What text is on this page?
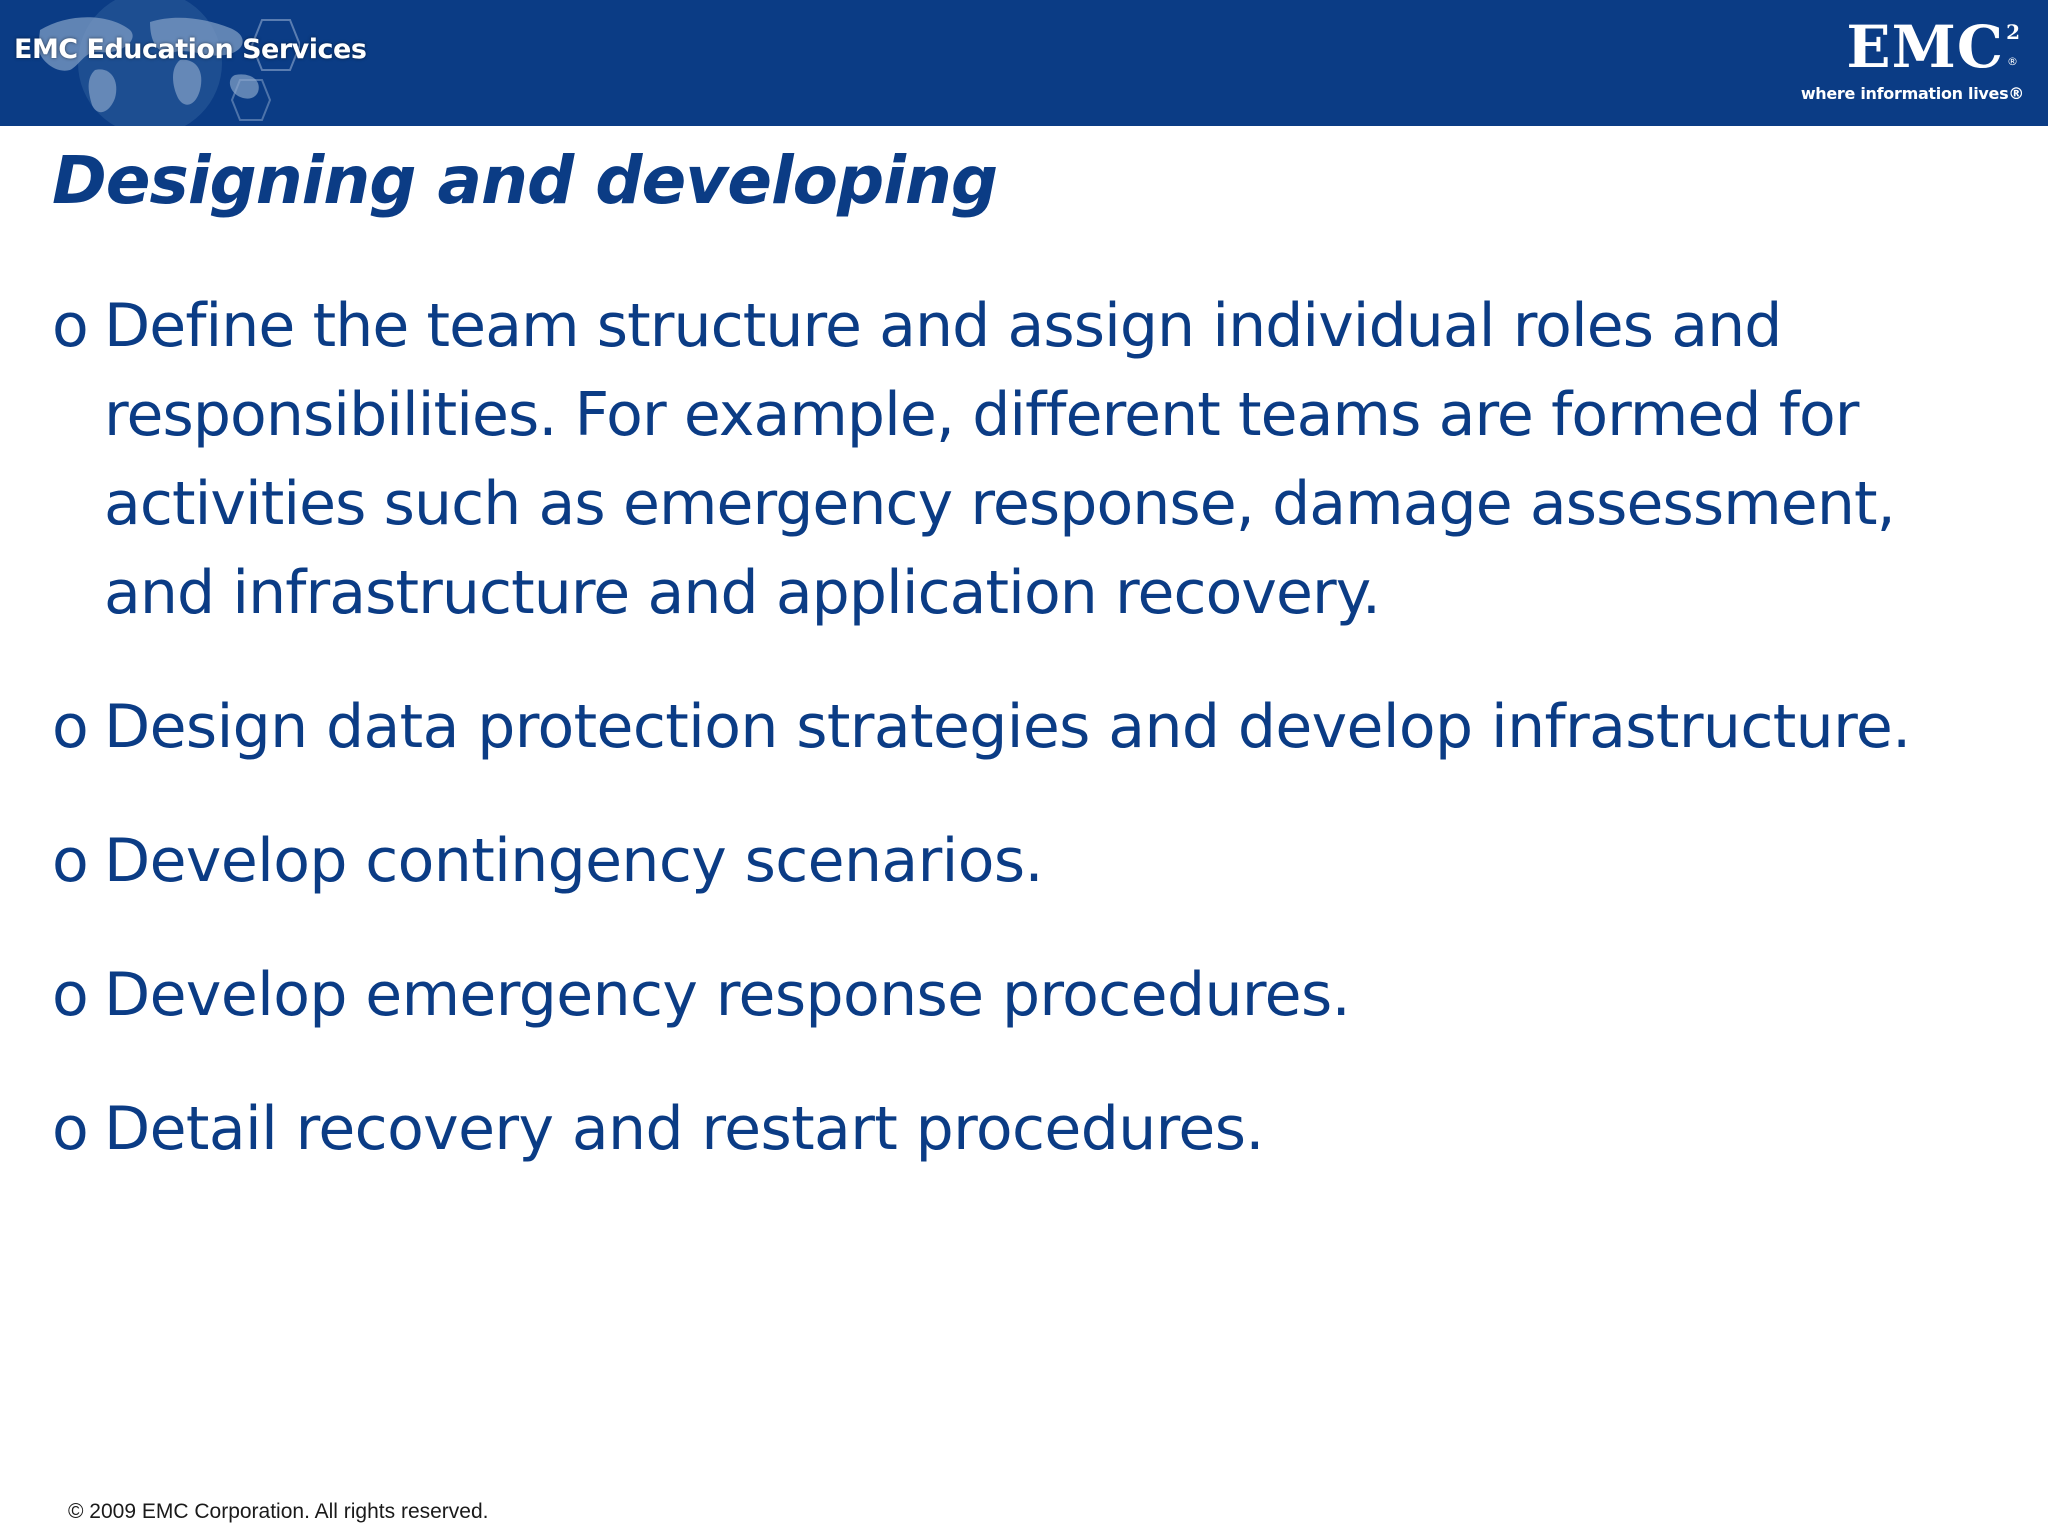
EMC Education Services	EMC 2
®
where information lives®
Designing and developing
o Define the team structure and assign individual roles and responsibilities. For example, different teams are formed for activities such as emergency response, damage assessment, and infrastructure and application recovery.
o Design data protection strategies and develop infrastructure.
o Develop contingency scenarios.
o Develop emergency response procedures.
o Detail recovery and restart procedures.
© 2009 EMC Corporation. All rights reserved.
